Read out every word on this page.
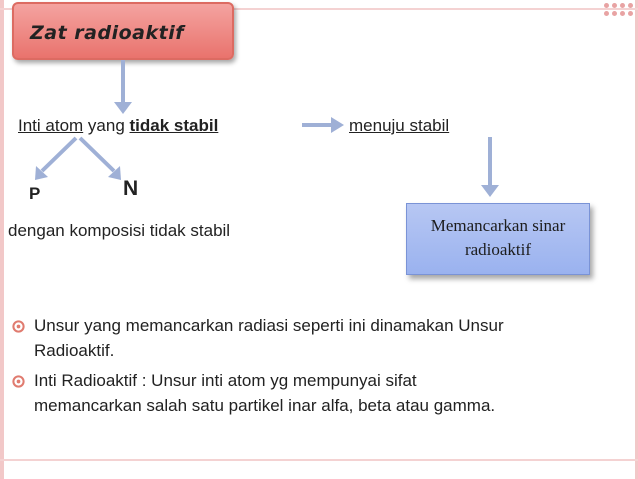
Zat radioaktif
Inti atom yang tidak stabil	menuju stabil
P	N
dengan komposisi tidak stabil	Memancarkan sinar
radioaktif
Unsur yang memancarkan radiasi seperti ini dinamakan Unsur
Radioaktif.
Inti Radioaktif : Unsur inti atom yg mempunyai sifat
memancarkan salah satu partikel inar alfa, beta atau gamma.
